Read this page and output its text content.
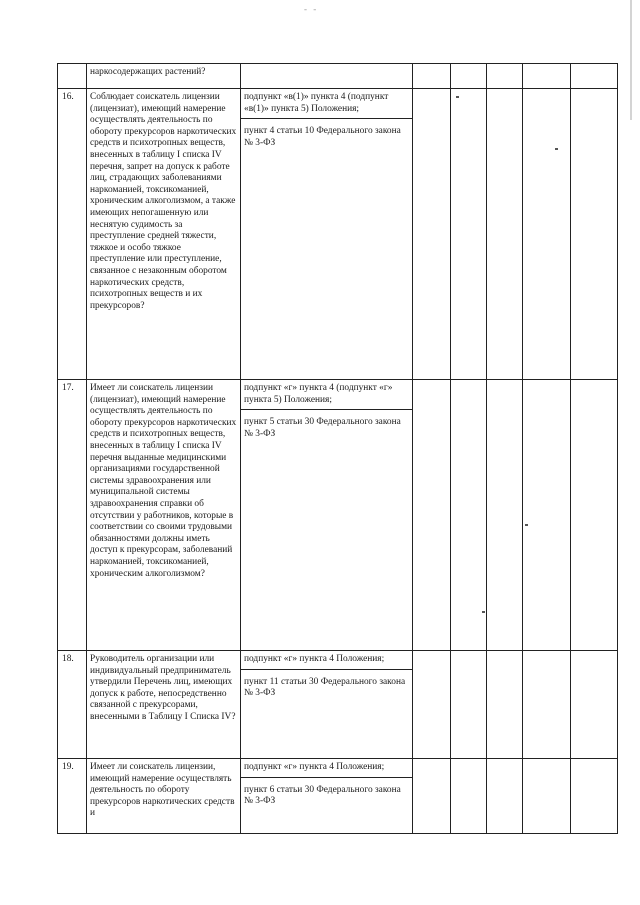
- -
	наркосодержащих растений?	

16.	Соблюдает соискатель лицензии (лицензиат), имеющий намерение осуществлять деятельность по обороту прекурсоров наркотических средств и психотропных веществ, внесенных в таблицу I списка IV перечня, запрет на допуск к работе лиц, страдающих заболеваниями наркоманией, токсикоманией, хроническим алкоголизмом, а также имеющих непогашенную или неснятую судимость за преступление средней тяжести, тяжкое и особо тяжкое преступление или преступление, связанное с незаконным оборотом наркотических средств, психотропных веществ и их прекурсоров?	подпункт «в(1)» пункта 4 (подпункт «в(1)» пункта 5) Положения;
пункт 4 статьи 10 Федерального закона № 3-ФЗ					

17.	Имеет ли соискатель лицензии (лицензиат), имеющий намерение осуществлять деятельность по обороту прекурсоров наркотических средств и психотропных веществ, внесенных в таблицу I списка IV перечня выданные медицинскими организациями государственной системы здравоохранения или муниципальной системы здравоохранения справки об отсутствии у работников, которые в соответствии со своими трудовыми обязанностями должны иметь доступ к прекурсорам, заболеваний наркоманией, токсикоманией, хроническим алкоголизмом?	подпункт «г» пункта 4 (подпункт «г» пункта 5) Положения;
пункт 5 статьи 30 Федерального закона № 3-ФЗ					

18.	Руководитель организации или индивидуальный предприниматель утвердили Перечень лиц, имеющих допуск к работе, непосредственно связанной с прекурсорами, внесенными в Таблицу I Списка IV?	подпункт «г» пункта 4 Положения;
пункт 11 статьи 30 Федерального закона № 3-ФЗ					

19.	Имеет ли соискатель лицензии, имеющий намерение осуществлять деятельность по обороту прекурсоров наркотических средств и	подпункт «г» пункта 4 Положения;
пункт 6 статьи 30 Федерального закона № 3-ФЗ					
